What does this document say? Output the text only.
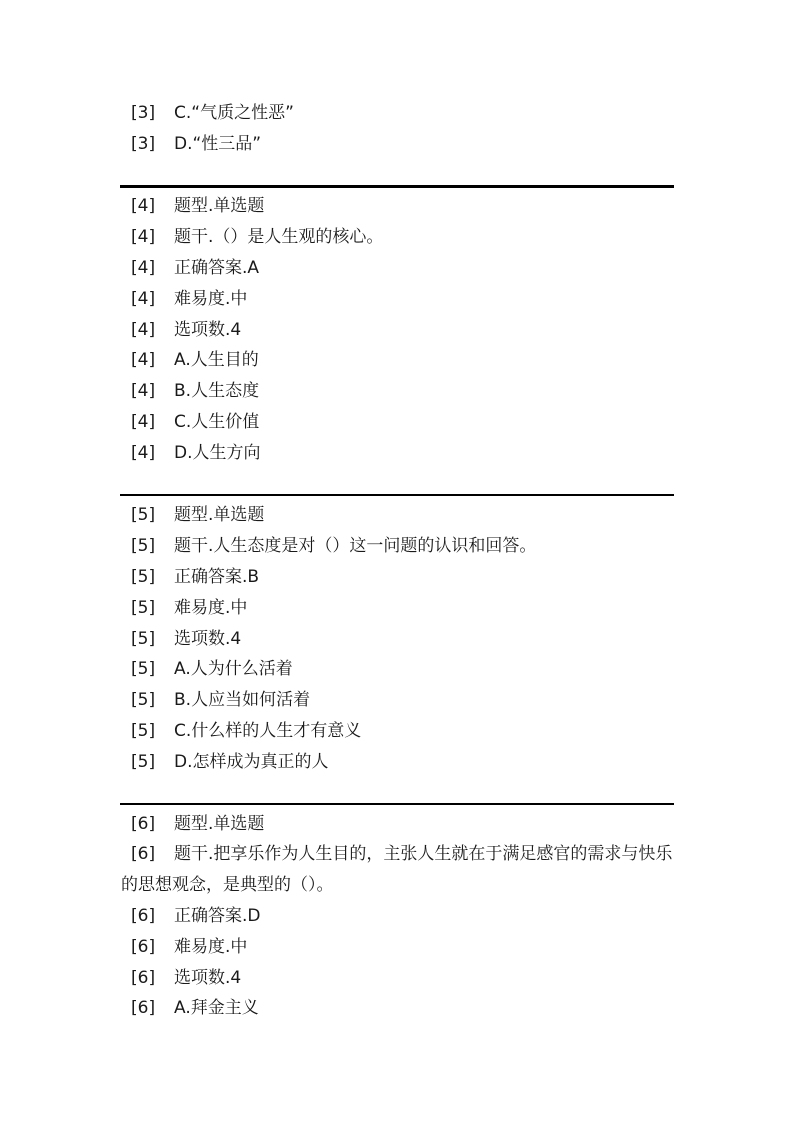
[3] C.“气质之性恶”
[3] D.“性三品”
[4] 题型.单选题
[4] 题干.（）是人生观的核心。
[4] 正确答案.A
[4] 难易度.中
[4] 选项数.4
[4] A.人生目的
[4] B.人生态度
[4] C.人生价值
[4] D.人生方向
[5] 题型.单选题
[5] 题干.人生态度是对（）这一问题的认识和回答。
[5] 正确答案.B
[5] 难易度.中
[5] 选项数.4
[5] A.人为什么活着
[5] B.人应当如何活着
[5] C.什么样的人生才有意义
[5] D.怎样成为真正的人
[6] 题型.单选题
[6] 题干.把享乐作为人生目的，主张人生就在于满足感官的需求与快乐的思想观念，是典型的（）。
[6] 正确答案.D
[6] 难易度.中
[6] 选项数.4
[6] A.拜金主义
